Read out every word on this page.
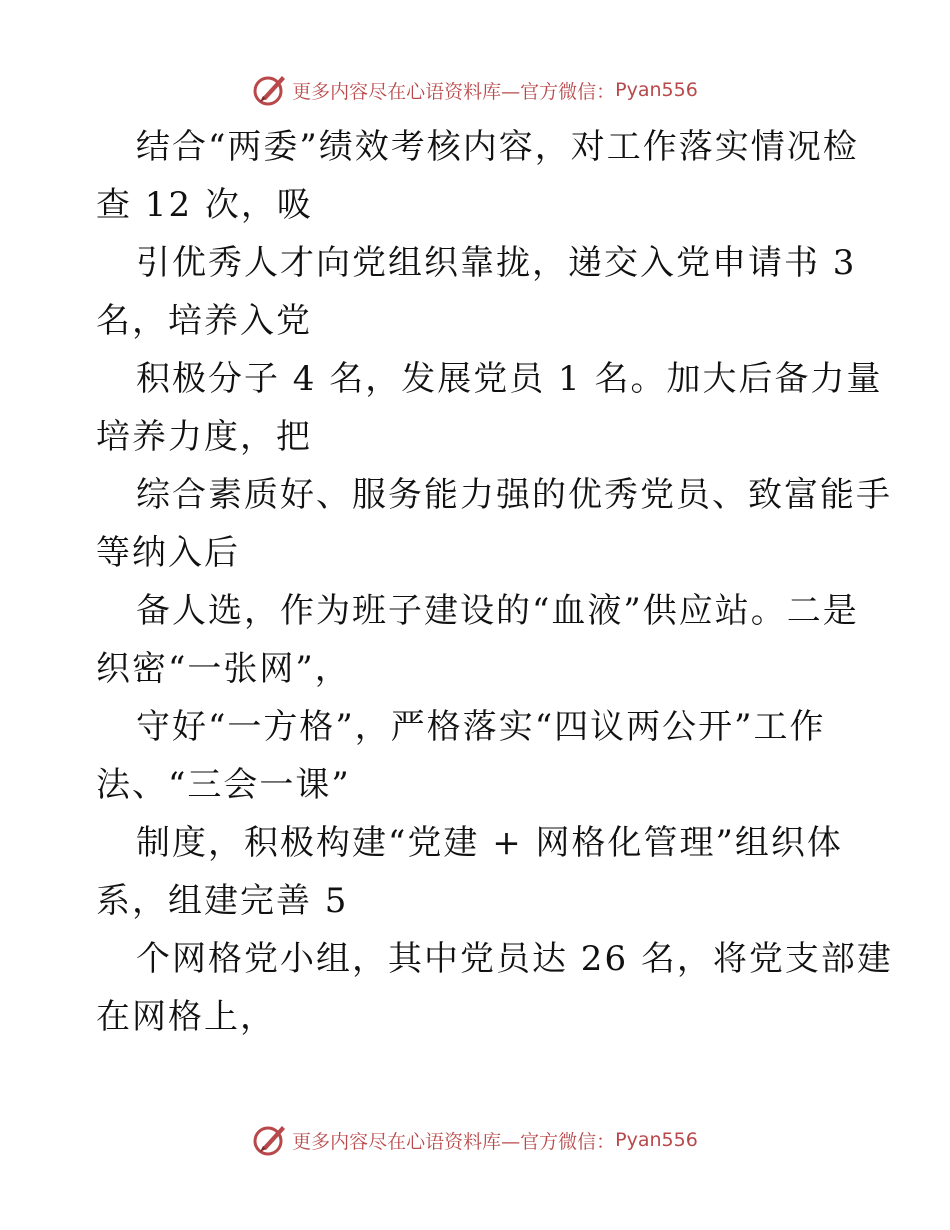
更多内容尽在心语资料库—官方微信： Pyan556
结合“两委”绩效考核内容，对工作落实情况检
查 12 次，吸
引优秀人才向党组织靠拢，递交入党申请书 3
名，培养入党
积极分子 4 名，发展党员 1 名。加大后备力量
培养力度，把
综合素质好、服务能力强的优秀党员、致富能手
等纳入后
备人选，作为班子建设的“血液”供应站。二是
织密“一张网”，
守好“一方格”，严格落实“四议两公开”工作
法、“三会一课”
制度，积极构建“党建 + 网格化管理”组织体
系，组建完善 5
个网格党小组，其中党员达 26 名，将党支部建
在网格上，
更多内容尽在心语资料库—官方微信： Pyan556
